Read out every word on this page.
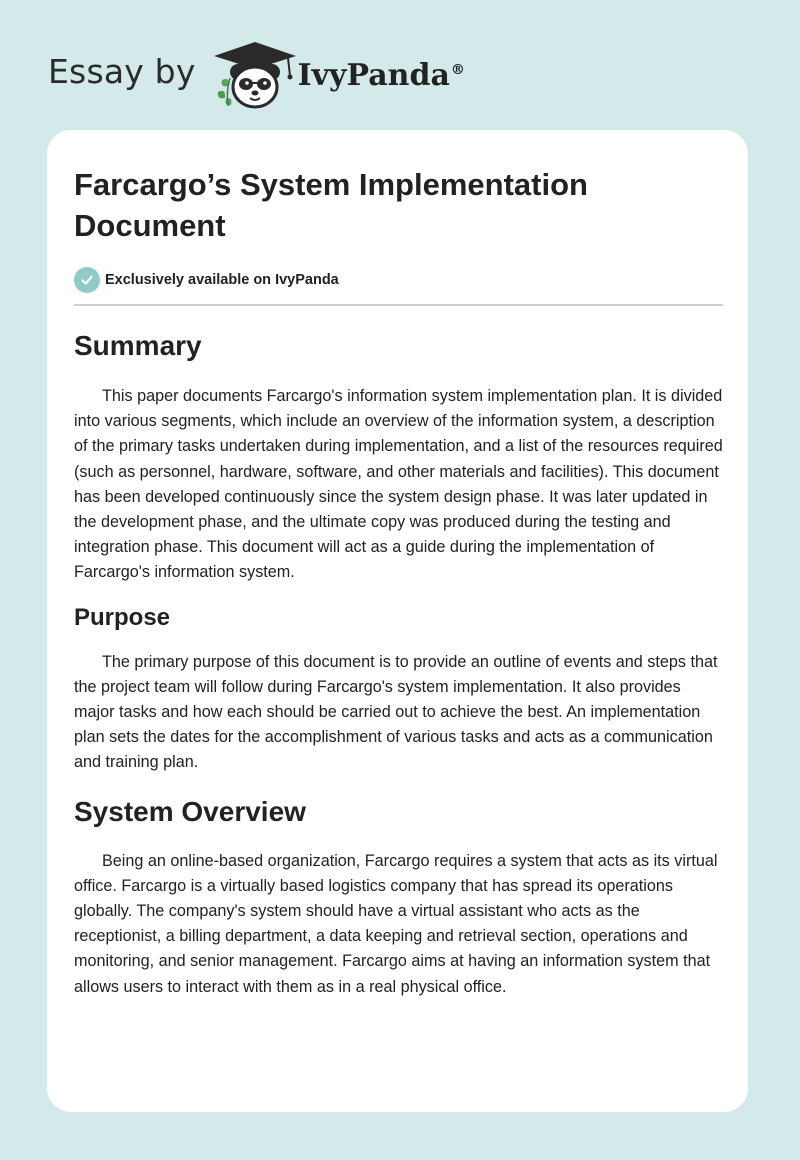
Essay by	IvyPanda®
Farcargo’s System Implementation Document
Exclusively available on IvyPanda
Summary

This paper documents Farcargo's information system implementation plan. It is divided into various segments, which include an overview of the information system, a description of the primary tasks undertaken during implementation, and a list of the resources required (such as personnel, hardware, software, and other materials and facilities). This document has been developed continuously since the system design phase. It was later updated in the development phase, and the ultimate copy was produced during the testing and integration phase. This document will act as a guide during the implementation of Farcargo's information system.

Purpose

The primary purpose of this document is to provide an outline of events and steps that the project team will follow during Farcargo's system implementation. It also provides major tasks and how each should be carried out to achieve the best. An implementation plan sets the dates for the accomplishment of various tasks and acts as a communication and training plan.

System Overview

Being an online-based organization, Farcargo requires a system that acts as its virtual office. Farcargo is a virtually based logistics company that has spread its operations globally. The company's system should have a virtual assistant who acts as the receptionist, a billing department, a data keeping and retrieval section, operations and monitoring, and senior management. Farcargo aims at having an information system that allows users to interact with them as in a real physical office.
